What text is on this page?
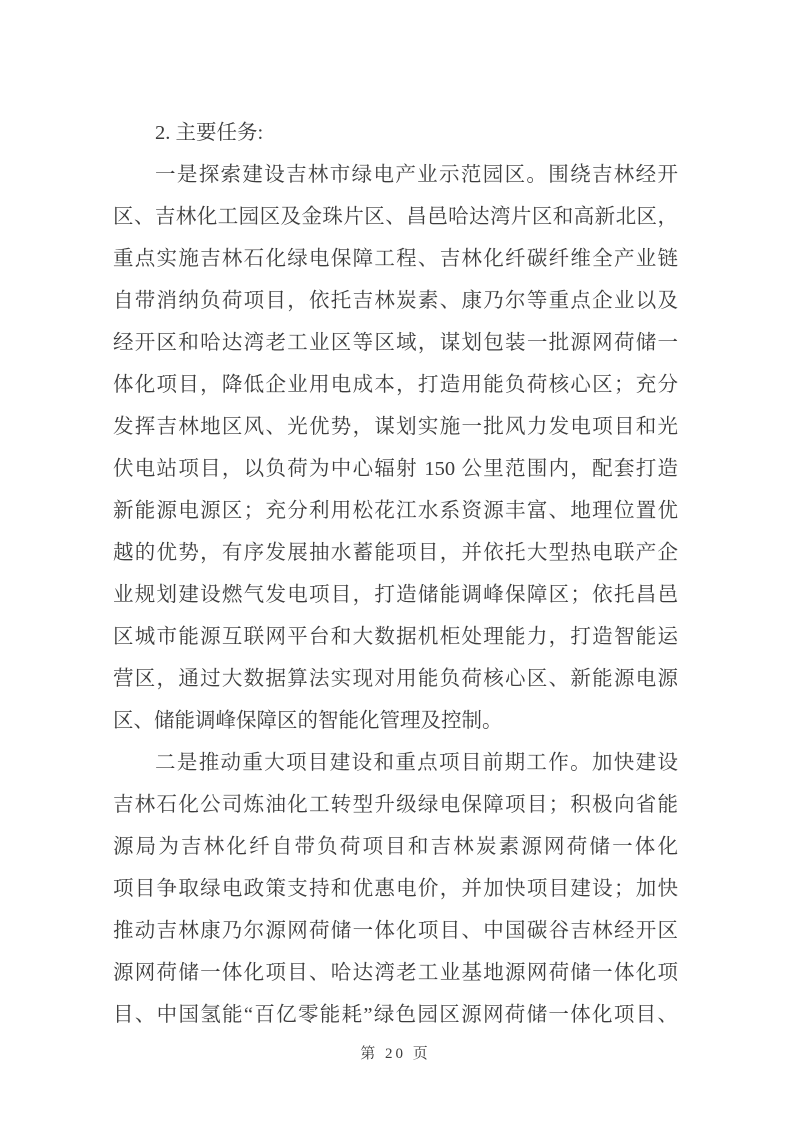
2. 主要任务:
一是探索建设吉林市绿电产业示范园区。围绕吉林经开
区、吉林化工园区及金珠片区、昌邑哈达湾片区和高新北区，
重点实施吉林石化绿电保障工程、吉林化纤碳纤维全产业链
自带消纳负荷项目，依托吉林炭素、康乃尔等重点企业以及
经开区和哈达湾老工业区等区域，谋划包装一批源网荷储一
体化项目，降低企业用电成本，打造用能负荷核心区；充分
发挥吉林地区风、光优势，谋划实施一批风力发电项目和光
伏电站项目，以负荷为中心辐射 150 公里范围内，配套打造
新能源电源区；充分利用松花江水系资源丰富、地理位置优
越的优势，有序发展抽水蓄能项目，并依托大型热电联产企
业规划建设燃气发电项目，打造储能调峰保障区；依托昌邑
区城市能源互联网平台和大数据机柜处理能力，打造智能运
营区，通过大数据算法实现对用能负荷核心区、新能源电源
区、储能调峰保障区的智能化管理及控制。
二是推动重大项目建设和重点项目前期工作。加快建设
吉林石化公司炼油化工转型升级绿电保障项目；积极向省能
源局为吉林化纤自带负荷项目和吉林炭素源网荷储一体化
项目争取绿电政策支持和优惠电价，并加快项目建设；加快
推动吉林康乃尔源网荷储一体化项目、中国碳谷吉林经开区
源网荷储一体化项目、哈达湾老工业基地源网荷储一体化项
目、中国氢能“百亿零能耗”绿色园区源网荷储一体化项目、
第 20 页
